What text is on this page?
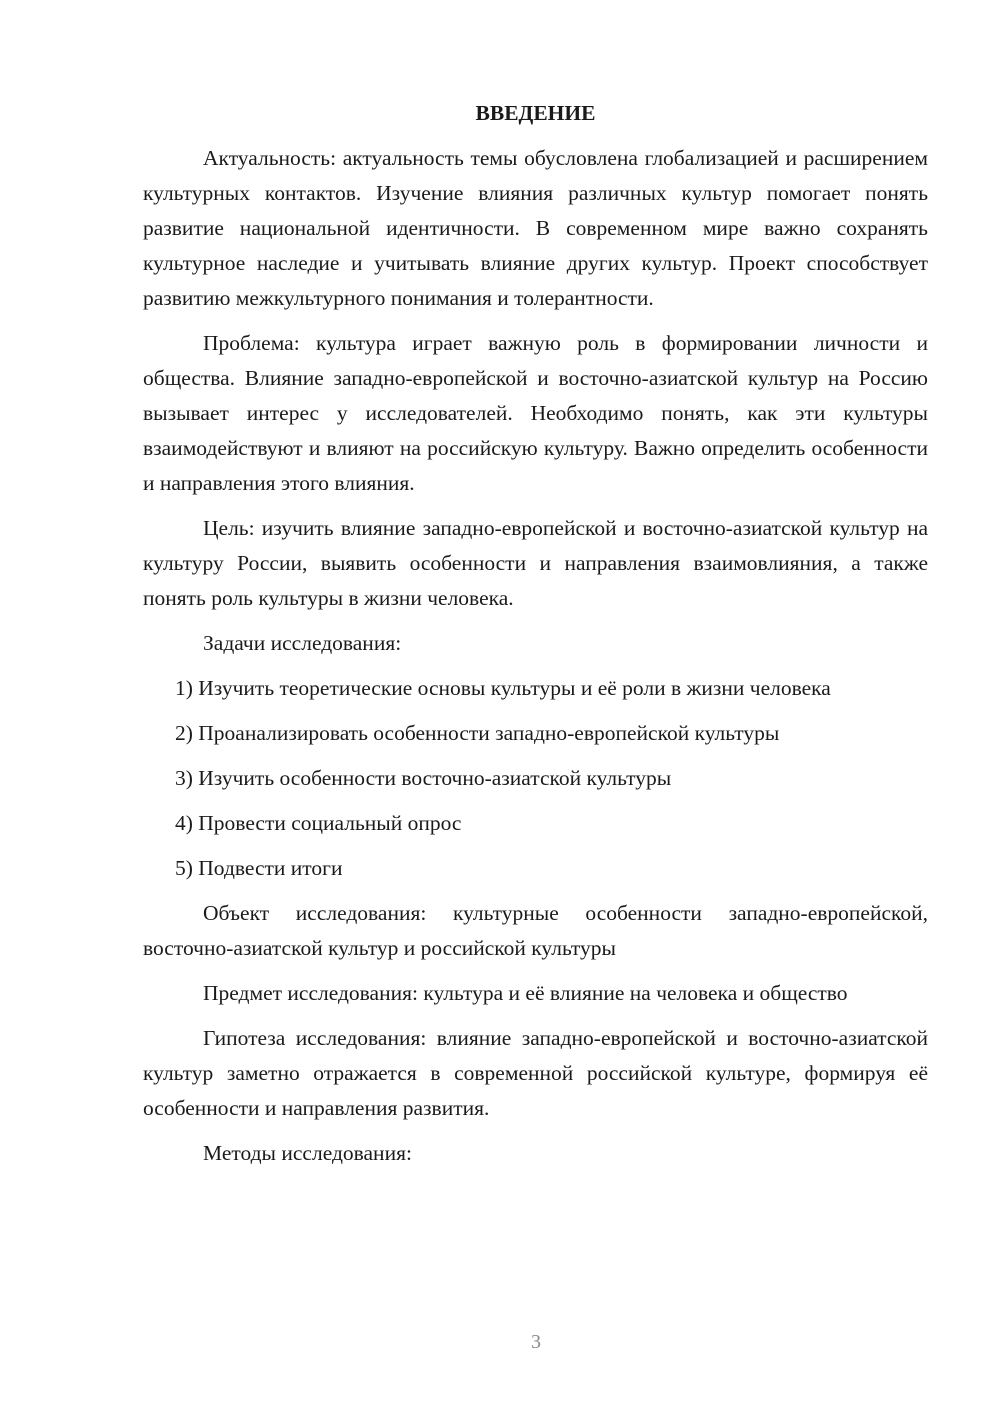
ВВЕДЕНИЕ

Актуальность: актуальность темы обусловлена глобализацией и расширением культурных контактов. Изучение влияния различных культур помогает понять развитие национальной идентичности. В современном мире важно сохранять культурное наследие и учитывать влияние других культур. Проект способствует развитию межкультурного понимания и толерантности.

Проблема: культура играет важную роль в формировании личности и общества. Влияние западно-европейской и восточно-азиатской культур на Россию вызывает интерес у исследователей. Необходимо понять, как эти культуры взаимодействуют и влияют на российскую культуру. Важно определить особенности и направления этого влияния.

Цель: изучить влияние западно-европейской и восточно-азиатской культур на культуру России, выявить особенности и направления взаимовлияния, а также понять роль культуры в жизни человека.

Задачи исследования:

1) Изучить теоретические основы культуры и её роли в жизни человека
2) Проанализировать особенности западно-европейской культуры
3) Изучить особенности восточно-азиатской культуры
4) Провести социальный опрос
5) Подвести итоги

Объект исследования: культурные особенности западно-европейской, восточно-азиатской культур и российской культуры

Предмет исследования: культура и её влияние на человека и общество

Гипотеза исследования: влияние западно-европейской и восточно-азиатской культур заметно отражается в современной российской культуре, формируя её особенности и направления развития.

Методы исследования:

3
